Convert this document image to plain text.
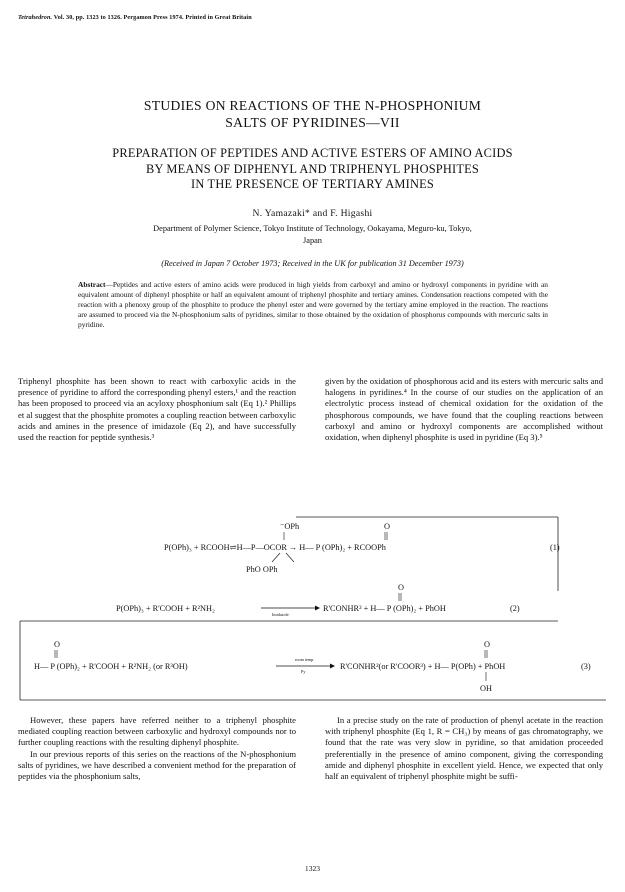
Tetrahedron. Vol. 30, pp. 1323 to 1326. Pergamon Press 1974. Printed in Great Britain
STUDIES ON REACTIONS OF THE N-PHOSPHONIUM
SALTS OF PYRIDINES—VII
PREPARATION OF PEPTIDES AND ACTIVE ESTERS OF AMINO ACIDS
BY MEANS OF DIPHENYL AND TRIPHENYL PHOSPHITES
IN THE PRESENCE OF TERTIARY AMINES
N. Yamazaki* and F. Higashi
Department of Polymer Science, Tokyo Institute of Technology, Ookayama, Meguro-ku, Tokyo,
Japan
(Received in Japan 7 October 1973; Received in the UK for publication 31 December 1973)
Abstract—Peptides and active esters of amino acids were produced in high yields from carboxyl and amino or hydroxyl components in pyridine with an equivalent amount of diphenyl phosphite or half an equivalent amount of triphenyl phosphite and tertiary amines. Condensation reactions competed with the reaction with a phenoxy group of the phosphite to produce the phenyl ester and were governed by the tertiary amine employed in the reaction. The reactions are assumed to proceed via the N-phosphonium salts of pyridines, similar to those obtained by the oxidation of phosphorus compounds with mercuric salts in pyridine.

Triphenyl phosphite has been shown to react with carboxylic acids in the presence of pyridine to afford the corresponding phenyl esters,¹ and the reaction has been proposed to proceed via an acyloxy phosphonium salt (Eq 1).² Phillips et al suggest that the phosphite promotes a coupling reaction between carboxylic acids and amines in the presence of imidazole (Eq 2), and have successfully used the reaction for peptide synthesis.³

given by the oxidation of phosphorous acid and its esters with mercuric salts and halogens in pyridines.⁴ In the course of our studies on the application of an electrolytic process instead of chemical oxidation for the oxidation of the phosphorous compounds, we have found that the coupling reactions between carboxyl and amino or hydroxyl components are accomplished without oxidation, when diphenyl phosphite is used in pyridine (Eq 3).⁵

⁻OPh	O
P(OPh)₃ + RCOOH⇌H—P—OCOR → H— P (OPh)₂ + RCOOPh	(1)
PhO OPh
O
P(OPh)₃ + R'COOH + R²NH₂
Imidazole
R'CONHR² + H— P (OPh)₂ + PhOH	(2)
O	O
H— P (OPh)₂ + R'COOH + R²NH₂ (or R³OH)
room temp.
Py
R'CONHR²(or R'COOR³) + H— P(OPh) + PhOH	(3)
OH

However, these papers have referred neither to a triphenyl phosphite mediated coupling reaction between carboxylic and hydroxyl compounds nor to further coupling reactions with the resulting diphenyl phosphite.

In our previous reports of this series on the reactions of the N-phosphonium salts of pyridines, we have described a convenient method for the preparation of peptides via the phosphonium salts,

In a precise study on the rate of production of phenyl acetate in the reaction with triphenyl phosphite (Eq 1, R = CH₃) by means of gas chromatography, we found that the rate was very slow in pyridine, so that amidation proceeded preferentially in the presence of amino component, giving the corresponding amide and diphenyl phosphite in excellent yield. Hence, we expected that only half an equivalent of triphenyl phosphite might be suffi-

1323
